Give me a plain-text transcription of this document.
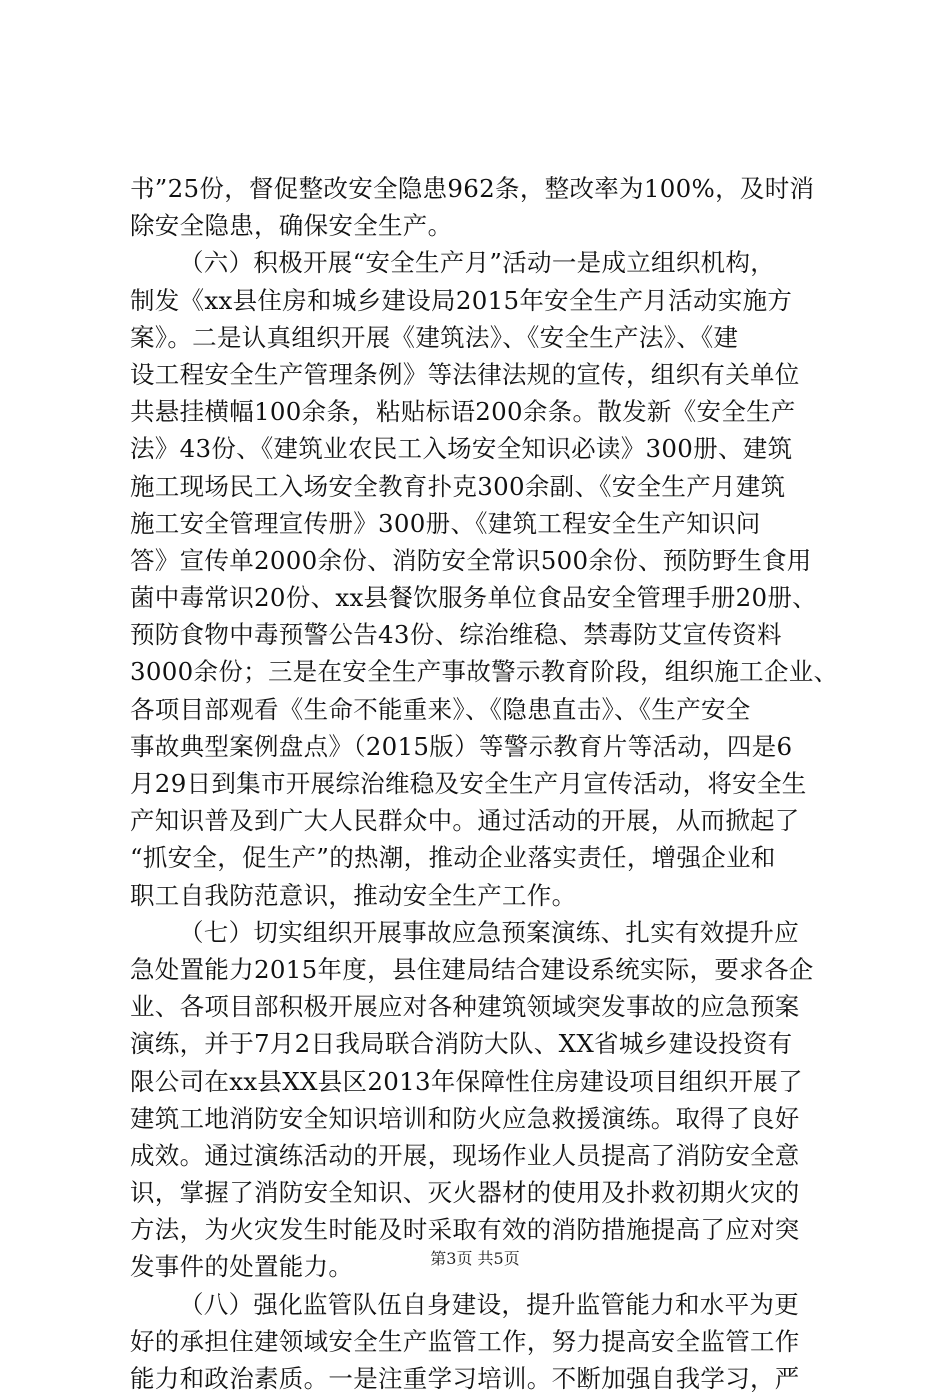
书”25份，督促整改安全隐患962条，整改率为100%，及时消
除安全隐患，确保安全生产。
（六）积极开展“安全生产月”活动一是成立组织机构，
制发《xx县住房和城乡建设局2015年安全生产月活动实施方
案》。二是认真组织开展《建筑法》、《安全生产法》、《建
设工程安全生产管理条例》等法律法规的宣传，组织有关单位
共悬挂横幅100余条，粘贴标语200余条。散发新《安全生产
法》43份、《建筑业农民工入场安全知识必读》300册、建筑
施工现场民工入场安全教育扑克300余副、《安全生产月建筑
施工安全管理宣传册》300册、《建筑工程安全生产知识问
答》宣传单2000余份、消防安全常识500余份、预防野生食用
菌中毒常识20份、xx县餐饮服务单位食品安全管理手册20册、
预防食物中毒预警公告43份、综治维稳、禁毒防艾宣传资料
3000余份；三是在安全生产事故警示教育阶段，组织施工企业、
各项目部观看《生命不能重来》、《隐患直击》、《生产安全
事故典型案例盘点》（2015版）等警示教育片等活动，四是6
月29日到集市开展综治维稳及安全生产月宣传活动，将安全生
产知识普及到广大人民群众中。通过活动的开展，从而掀起了
“抓安全，促生产”的热潮，推动企业落实责任，增强企业和
职工自我防范意识，推动安全生产工作。
（七）切实组织开展事故应急预案演练、扎实有效提升应
急处置能力2015年度，县住建局结合建设系统实际，要求各企
业、各项目部积极开展应对各种建筑领域突发事故的应急预案
演练，并于7月2日我局联合消防大队、XX省城乡建设投资有
限公司在xx县XX县区2013年保障性住房建设项目组织开展了
建筑工地消防安全知识培训和防火应急救援演练。取得了良好
成效。通过演练活动的开展，现场作业人员提高了消防安全意
识，掌握了消防安全知识、灭火器材的使用及扑救初期火灾的
方法，为火灾发生时能及时采取有效的消防措施提高了应对突
发事件的处置能力。
（八）强化监管队伍自身建设，提升监管能力和水平为更
好的承担住建领域安全生产监管工作，努力提高安全监管工作
能力和政治素质。一是注重学习培训。不断加强自我学习，严
第3页 共5页
